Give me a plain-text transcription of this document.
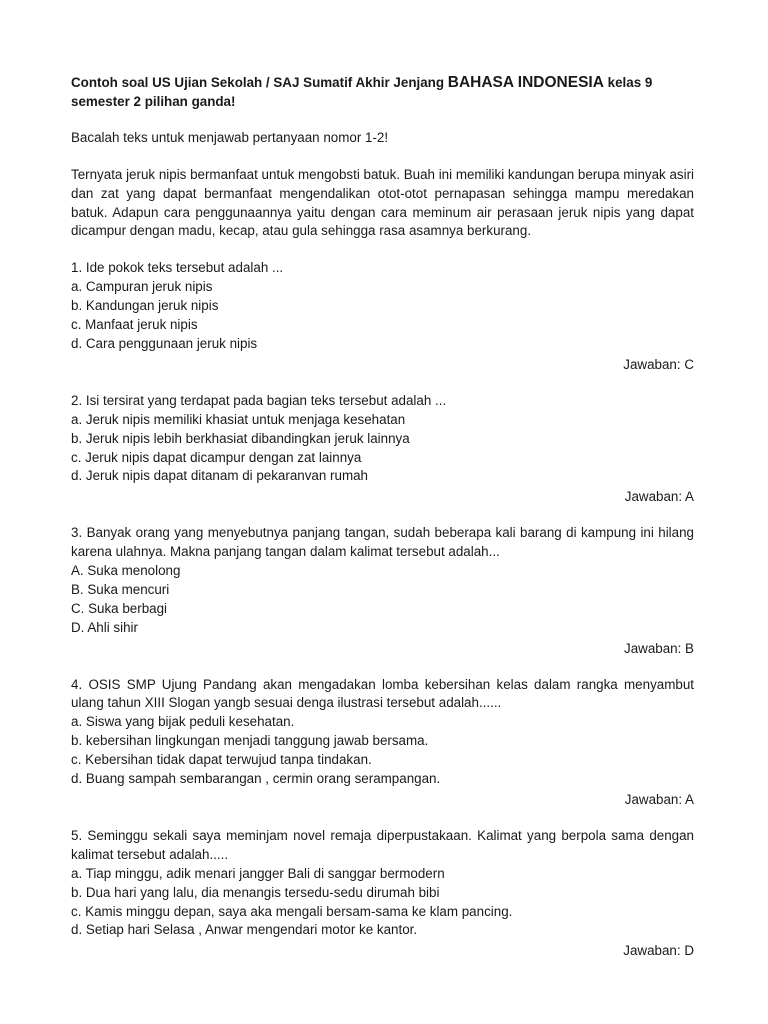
Contoh soal US Ujian Sekolah / SAJ Sumatif Akhir Jenjang BAHASA INDONESIA kelas 9 semester 2 pilihan ganda!
Bacalah teks untuk menjawab pertanyaan nomor 1-2!
Ternyata jeruk nipis bermanfaat untuk mengobsti batuk. Buah ini memiliki kandungan berupa minyak asiri dan zat yang dapat bermanfaat mengendalikan otot-otot pernapasan sehingga mampu meredakan batuk. Adapun cara penggunaannya yaitu dengan cara meminum air perasaan jeruk nipis yang dapat dicampur dengan madu, kecap, atau gula sehingga rasa asamnya berkurang.
1. Ide pokok teks tersebut adalah ...
a. Campuran jeruk nipis
b. Kandungan jeruk nipis
c. Manfaat jeruk nipis
d. Cara penggunaan jeruk nipis
Jawaban: C
2. Isi tersirat yang terdapat pada bagian teks tersebut adalah ...
a. Jeruk nipis memiliki khasiat untuk menjaga kesehatan
b. Jeruk nipis lebih berkhasiat dibandingkan jeruk lainnya
c. Jeruk nipis dapat dicampur dengan zat lainnya
d. Jeruk nipis dapat ditanam di pekaranvan rumah
Jawaban: A
3. Banyak orang yang menyebutnya panjang tangan, sudah beberapa kali barang di kampung ini hilang karena ulahnya. Makna panjang tangan dalam kalimat tersebut adalah...
A. Suka menolong
B. Suka mencuri
C. Suka berbagi
D. Ahli sihir
Jawaban: B
4. OSIS SMP Ujung Pandang akan mengadakan lomba kebersihan kelas dalam rangka menyambut ulang tahun XIII Slogan yangb sesuai denga ilustrasi tersebut adalah......
a. Siswa yang bijak peduli kesehatan.
b. kebersihan lingkungan menjadi tanggung jawab bersama.
c. Kebersihan tidak dapat terwujud tanpa tindakan.
d. Buang sampah sembarangan , cermin orang serampangan.
Jawaban: A
5. Seminggu sekali saya meminjam novel remaja diperpustakaan. Kalimat yang berpola sama dengan kalimat tersebut adalah.....
a. Tiap minggu, adik menari jangger Bali di sanggar bermodern
b. Dua hari yang lalu, dia menangis tersedu-sedu dirumah bibi
c. Kamis minggu depan, saya aka mengali bersam-sama ke klam pancing.
d. Setiap hari Selasa , Anwar mengendari motor ke kantor.
Jawaban: D
